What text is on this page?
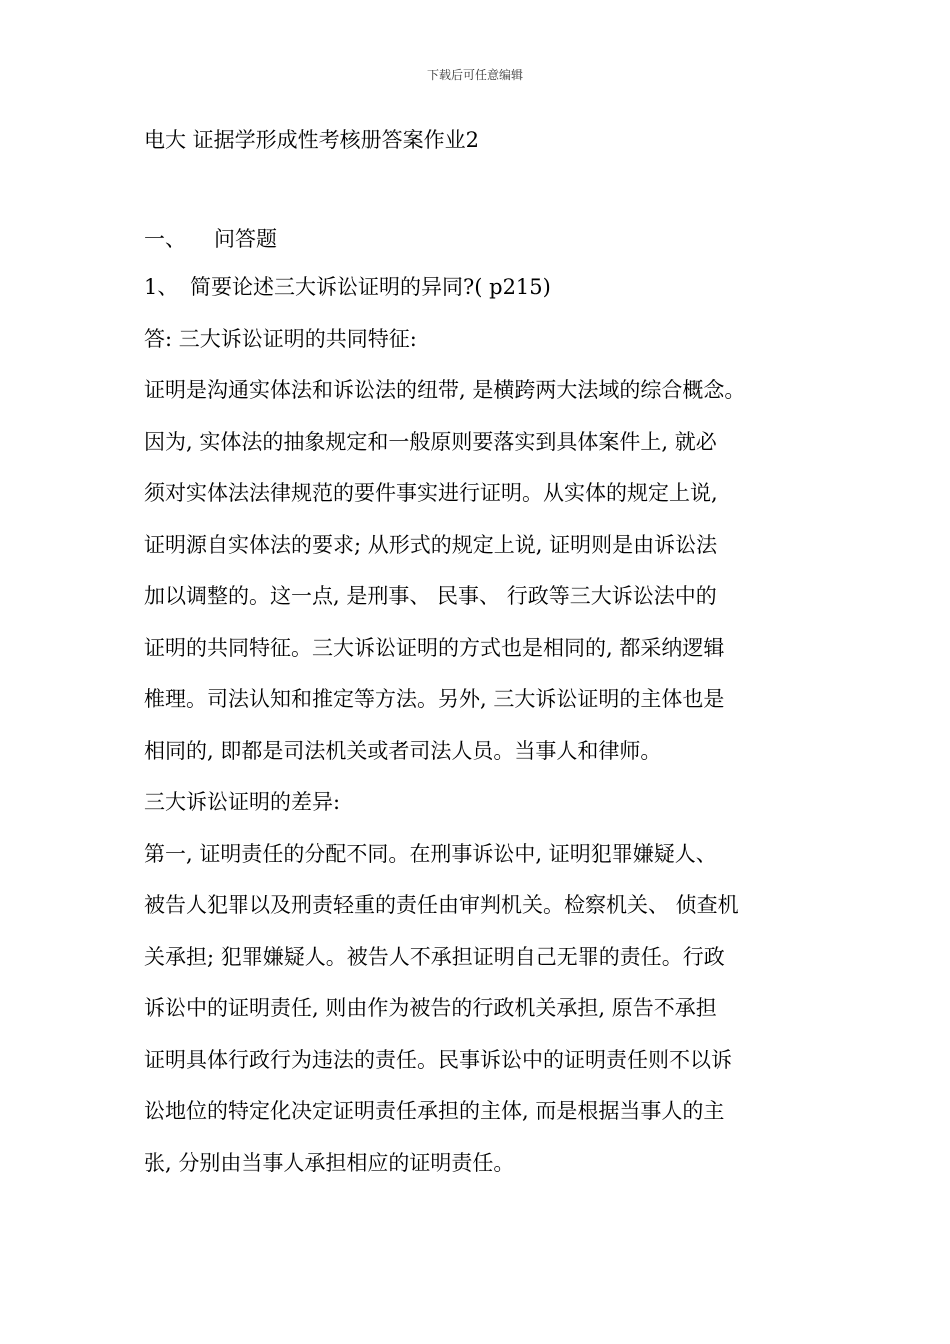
下载后可任意编辑
电大 证据学形成性考核册答案作业2
一、 问答题
1、 简要论述三大诉讼证明的异同?( p215)
答: 三大诉讼证明的共同特征:
证明是沟通实体法和诉讼法的纽带, 是横跨两大法域的综合概念。
因为, 实体法的抽象规定和一般原则要落实到具体案件上, 就必
须对实体法法律规范的要件事实进行证明。从实体的规定上说,
证明源自实体法的要求; 从形式的规定上说, 证明则是由诉讼法
加以调整的。这一点, 是刑事、 民事、 行政等三大诉讼法中的
证明的共同特征。三大诉讼证明的方式也是相同的, 都采纳逻辑
椎理。司法认知和推定等方法。另外, 三大诉讼证明的主体也是
相同的, 即都是司法机关或者司法人员。当事人和律师。
三大诉讼证明的差异:
第一, 证明责任的分配不同。在刑事诉讼中, 证明犯罪嫌疑人、
被告人犯罪以及刑责轻重的责任由审判机关。检察机关、 侦查机
关承担; 犯罪嫌疑人。被告人不承担证明自己无罪的责任。行政
诉讼中的证明责任, 则由作为被告的行政机关承担, 原告不承担
证明具体行政行为违法的责任。民事诉讼中的证明责任则不以诉
讼地位的特定化决定证明责任承担的主体, 而是根据当事人的主
张, 分别由当事人承担相应的证明责任。
